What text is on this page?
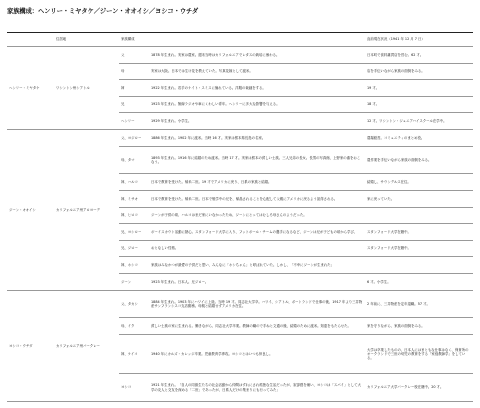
家族構成：ヘンリー・ミヤタケ／ジーン・オオイシ／ヨシコ・ウチダ
	住居地	家族構成		直前現在状況（1941 年 12 月 7 日）
ヘンリー・ミヤタケ	ワシントン州シアトル	父	1878 年生まれ。実家は農家。週末当時はカリフォルニアでレタスの栽培に係わる。	日本町で食料雑貨店を営む。62 才。
		母	実家は大阪。日本では生け花を教えていた。写真花嫁として渡米。	店を手伝いながら家族の面倒をみる。
		姉	1922 年生まれ。若手のケイト・スミスに憧れている。洋服の裁縫をする。	19 才。
		兄	1923 年生まれ。無線ラジオや車にくわしい青年。ヘンリーに多大な影響を与える。	18 才。
		ヘンリー	1929 年生まれ。小学生。	12 才。ワシントン・ジュニアハイスクール在学中。
ジーン・オオイシ	カリフォルニア州アロヨーデ	父、ヨジロー	1886 年生まれ。1902 年に渡米。当時 16 才。実家は熊本県長島の名家。	農場経営。コミュニティのまとめ役。
		母、タマ	1893 年生まれ。1916 年に結婚のため渡米。当時 17 才。実家は熊本の貧しい士族。三人兄弟の長女。長男の写真館、上野家の番をおこなう。	農作業を手伝いながら家族の面倒をみる。
		姉、ハルコ	日本で教育を受けた。帰米二世。19 才でアメリカに戻り、日系の家族と結婚。	結婚し、サウンデルス在住。
		姉、ミサオ	日本で教育を受けた。帰米二世。日本で勉学中の兄を、帰晶されることを心配して父親にアメリカに戻るよう説得される。	家に戻っていた。
		姉、ヒロコ	ジーンが子供の頃、ハルコはまだ家にいなかったため、ジーンにとってはむしろ母さんのようだった。	
		兄、ヨシロー	ボーイスカウト活動に熱心。スタンフォード大学に入り、フットボール・チームの選手になるなど、ジーンは兄が子どもの頃から学び、	スタンフォード大学在籍中。
		兄、ジロー	おとなしい性格。	スタンフォード大学在籍中。
		姉、ホシコ	家族はみなかつが最愛の子供だと思い、みんなに「ホシちゃん」と呼ばれていた。しかし、「不幸にジーンが生まれた」	
		ジーン	1923 年生まれ。日本人。兄ジロー。	6 才。小学生。
ヨシコ・ウチダ	カリフォルニア州バークレー	父、タカシ	1884 年生まれ。1903 年にハワイに上陸。当時 19 才。同志社大学卒。ハワイ、シアトル、ポートランドで仕事の後、1917 年より三井物産サンフランシスコ支店勤務。母親と結婚せずアメリカ在住。	2 年前に、三井物産を定年退職。57 才。
		母、イク	貧しい士族の家に生まれる。働きながら、同志社大学卒業。教師の職ので手ねと文通の後、結婚のために渡米。知恵をもたらせた。	家を守りながら、家族の面倒をみる。
		姉、ケイコ	1940 年にカルズ・カレッジ卒業。児童教育学専攻。ヨシコとはいつも仲良し。	大学は卒業したものの、日本人にはまともな仕事はなく、保育所のオークランドで三世の幼児の教育をする「家庭教師学」をしている。
		ヨシコ	1921 年生まれ。「自人の同級生たちの社会活動から仲間はずれにされ孤独な生活だったが、寂寥感を補い、ヨシコは「スパイ」として大学の友人と交友を深める「二世」であったが、日系人だけの集まりにも行ってみた」	カリフォルニア大学バークレー校在籍中。20 才。
